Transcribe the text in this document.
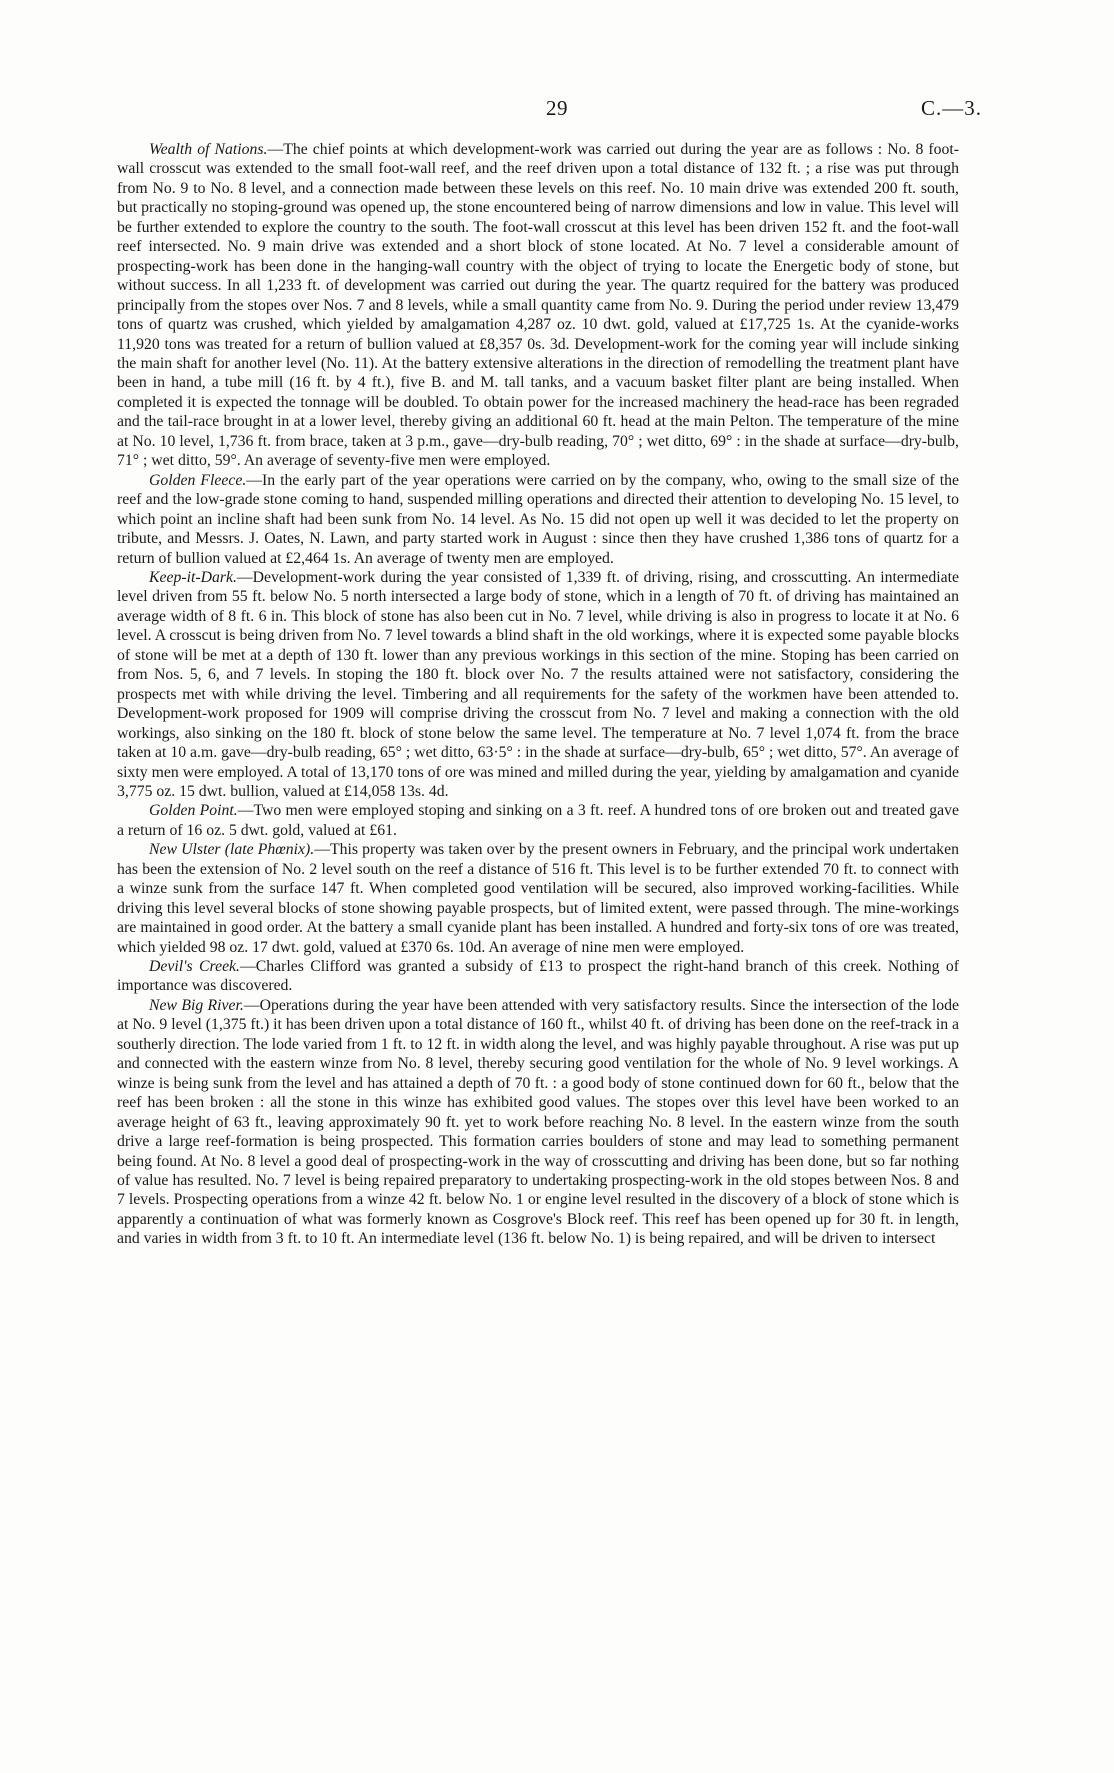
29	C.—3.

Wealth of Nations.—The chief points at which development-work was carried out during the year are as follows : No. 8 foot-wall crosscut was extended to the small foot-wall reef, and the reef driven upon a total distance of 132 ft. ; a rise was put through from No. 9 to No. 8 level, and a connection made between these levels on this reef. No. 10 main drive was extended 200 ft. south, but practically no stoping-ground was opened up, the stone encountered being of narrow dimensions and low in value. This level will be further extended to explore the country to the south. The foot-wall crosscut at this level has been driven 152 ft. and the foot-wall reef intersected. No. 9 main drive was extended and a short block of stone located. At No. 7 level a considerable amount of prospecting-work has been done in the hanging-wall country with the object of trying to locate the Energetic body of stone, but without success. In all 1,233 ft. of development was carried out during the year. The quartz required for the battery was produced principally from the stopes over Nos. 7 and 8 levels, while a small quantity came from No. 9. During the period under review 13,479 tons of quartz was crushed, which yielded by amalgamation 4,287 oz. 10 dwt. gold, valued at £17,725 1s. At the cyanide-works 11,920 tons was treated for a return of bullion valued at £8,357 0s. 3d. Development-work for the coming year will include sinking the main shaft for another level (No. 11). At the battery extensive alterations in the direction of remodelling the treatment plant have been in hand, a tube mill (16 ft. by 4 ft.), five B. and M. tall tanks, and a vacuum basket filter plant are being installed. When completed it is expected the tonnage will be doubled. To obtain power for the increased machinery the head-race has been regraded and the tail-race brought in at a lower level, thereby giving an additional 60 ft. head at the main Pelton. The temperature of the mine at No. 10 level, 1,736 ft. from brace, taken at 3 p.m., gave—dry-bulb reading, 70° ; wet ditto, 69° : in the shade at surface—dry-bulb, 71° ; wet ditto, 59°. An average of seventy-five men were employed.

Golden Fleece.—In the early part of the year operations were carried on by the company, who, owing to the small size of the reef and the low-grade stone coming to hand, suspended milling operations and directed their attention to developing No. 15 level, to which point an incline shaft had been sunk from No. 14 level. As No. 15 did not open up well it was decided to let the property on tribute, and Messrs. J. Oates, N. Lawn, and party started work in August : since then they have crushed 1,386 tons of quartz for a return of bullion valued at £2,464 1s. An average of twenty men are employed.

Keep-it-Dark.—Development-work during the year consisted of 1,339 ft. of driving, rising, and crosscutting. An intermediate level driven from 55 ft. below No. 5 north intersected a large body of stone, which in a length of 70 ft. of driving has maintained an average width of 8 ft. 6 in. This block of stone has also been cut in No. 7 level, while driving is also in progress to locate it at No. 6 level. A crosscut is being driven from No. 7 level towards a blind shaft in the old workings, where it is expected some payable blocks of stone will be met at a depth of 130 ft. lower than any previous workings in this section of the mine. Stoping has been carried on from Nos. 5, 6, and 7 levels. In stoping the 180 ft. block over No. 7 the results attained were not satisfactory, considering the prospects met with while driving the level. Timbering and all requirements for the safety of the workmen have been attended to. Development-work proposed for 1909 will comprise driving the crosscut from No. 7 level and making a connection with the old workings, also sinking on the 180 ft. block of stone below the same level. The temperature at No. 7 level 1,074 ft. from the brace taken at 10 a.m. gave—dry-bulb reading, 65° ; wet ditto, 63·5° : in the shade at surface—dry-bulb, 65° ; wet ditto, 57°. An average of sixty men were employed. A total of 13,170 tons of ore was mined and milled during the year, yielding by amalgamation and cyanide 3,775 oz. 15 dwt. bullion, valued at £14,058 13s. 4d.

Golden Point.—Two men were employed stoping and sinking on a 3 ft. reef. A hundred tons of ore broken out and treated gave a return of 16 oz. 5 dwt. gold, valued at £61.

New Ulster (late Phœnix).—This property was taken over by the present owners in February, and the principal work undertaken has been the extension of No. 2 level south on the reef a distance of 516 ft. This level is to be further extended 70 ft. to connect with a winze sunk from the surface 147 ft. When completed good ventilation will be secured, also improved working-facilities. While driving this level several blocks of stone showing payable prospects, but of limited extent, were passed through. The mine-workings are maintained in good order. At the battery a small cyanide plant has been installed. A hundred and forty-six tons of ore was treated, which yielded 98 oz. 17 dwt. gold, valued at £370 6s. 10d. An average of nine men were employed.

Devil's Creek.—Charles Clifford was granted a subsidy of £13 to prospect the right-hand branch of this creek. Nothing of importance was discovered.

New Big River.—Operations during the year have been attended with very satisfactory results. Since the intersection of the lode at No. 9 level (1,375 ft.) it has been driven upon a total distance of 160 ft., whilst 40 ft. of driving has been done on the reef-track in a southerly direction. The lode varied from 1 ft. to 12 ft. in width along the level, and was highly payable throughout. A rise was put up and connected with the eastern winze from No. 8 level, thereby securing good ventilation for the whole of No. 9 level workings. A winze is being sunk from the level and has attained a depth of 70 ft. : a good body of stone continued down for 60 ft., below that the reef has been broken : all the stone in this winze has exhibited good values. The stopes over this level have been worked to an average height of 63 ft., leaving approximately 90 ft. yet to work before reaching No. 8 level. In the eastern winze from the south drive a large reef-formation is being prospected. This formation carries boulders of stone and may lead to something permanent being found. At No. 8 level a good deal of prospecting-work in the way of crosscutting and driving has been done, but so far nothing of value has resulted. No. 7 level is being repaired preparatory to undertaking prospecting-work in the old stopes between Nos. 8 and 7 levels. Prospecting operations from a winze 42 ft. below No. 1 or engine level resulted in the discovery of a block of stone which is apparently a continuation of what was formerly known as Cosgrove's Block reef. This reef has been opened up for 30 ft. in length, and varies in width from 3 ft. to 10 ft. An intermediate level (136 ft. below No. 1) is being repaired, and will be driven to intersect
